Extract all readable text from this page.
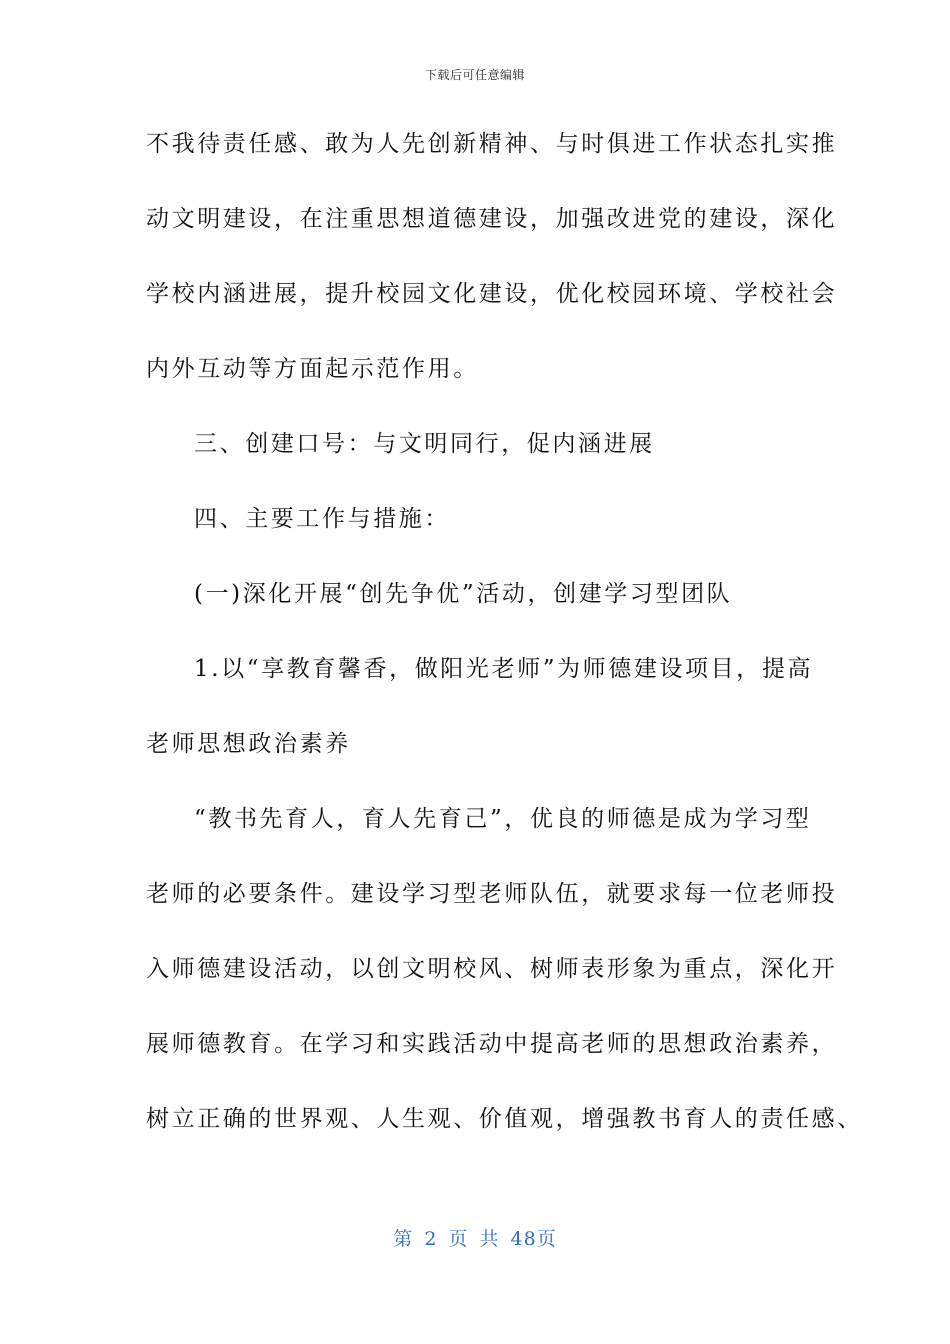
下载后可任意编辑
不我待责任感、敢为人先创新精神、与时俱进工作状态扎实推
动文明建设，在注重思想道德建设，加强改进党的建设，深化
学校内涵进展，提升校园文化建设，优化校园环境、学校社会
内外互动等方面起示范作用。
三、创建口号：与文明同行，促内涵进展
四、主要工作与措施：
(一)深化开展“创先争优”活动，创建学习型团队
1.以“享教育馨香，做阳光老师”为师德建设项目，提高
老师思想政治素养
“教书先育人，育人先育己”，优良的师德是成为学习型
老师的必要条件。建设学习型老师队伍，就要求每一位老师投
入师德建设活动，以创文明校风、树师表形象为重点，深化开
展师德教育。在学习和实践活动中提高老师的思想政治素养，
树立正确的世界观、人生观、价值观，增强教书育人的责任感、
第 2 页 共 48页
